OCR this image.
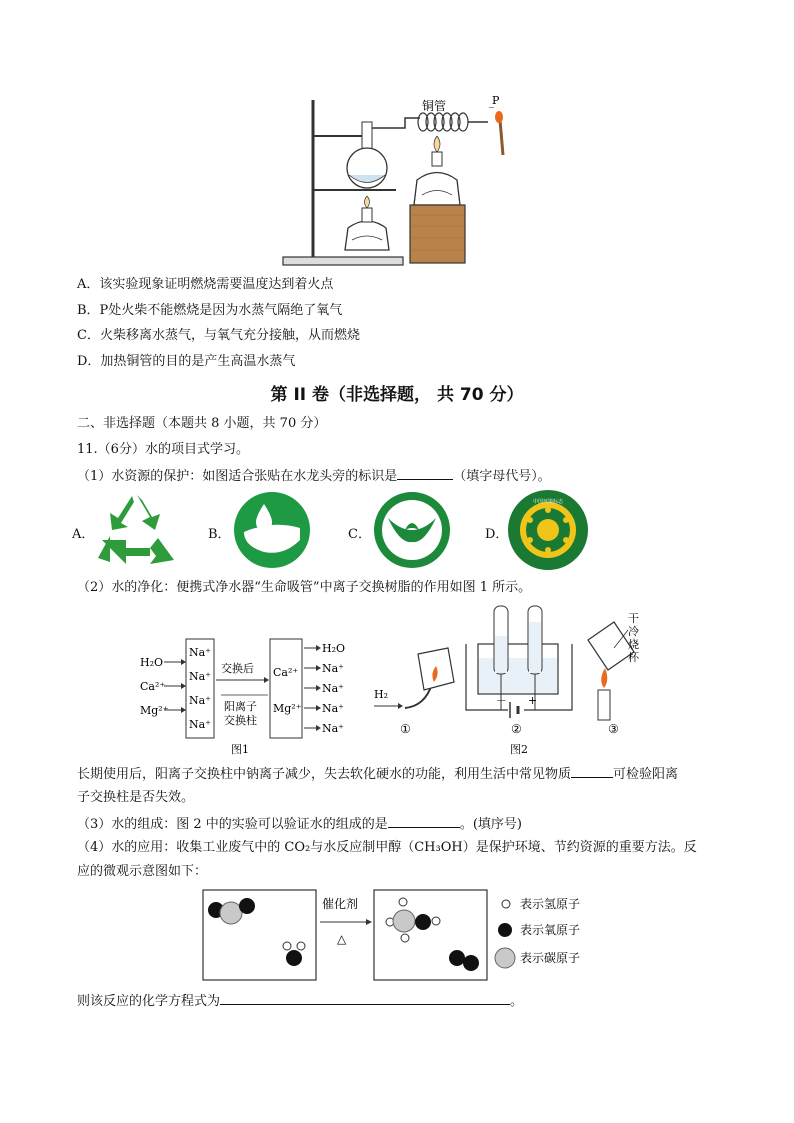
~
铜管	P
A．该实验现象证明燃烧需要温度达到着火点
B．P处火柴不能燃烧是因为水蒸气隔绝了氧气
C．火柴移离水蒸气，与氧气充分接触，从而燃烧
D．加热铜管的目的是产生高温水蒸气
第 II 卷（非选择题， 共 70 分）
二、非选择题（本题共 8 小题，共 70 分）
11.（6分）水的项目式学习。
（1）水资源的保护：如图适合张贴在水龙头旁的标识是	（填字母代号）。
A．	B．	C．	D．
中国环境标志
（2）水的净化：便携式净水器“生命吸管”中离子交换树脂的作用如图 1 所示。
H₂O
Ca²⁺
Mg²⁺
Na⁺
Na⁺
Na⁺
Na⁺
交换后
阳离子
交换柱
Ca²⁺
Mg²⁺
H₂O
Na⁺
Na⁺
Na⁺
Na⁺
图1
H₂
①
－ +
②
图2
干冷烧杯
③
长期使用后，阳离子交换柱中钠离子减少，失去软化硬水的功能，利用生活中常见物质	可检验阳离
子交换柱是否失效。
（3）水的组成：图 2 中的实验可以验证水的组成的是	。(填序号)
（4）水的应用：收集工业废气中的 CO₂与水反应制甲醇（CH₃OH）是保护环境、节约资源的重要方法。反
应的微观示意图如下：
催化剂
△
表示氢原子
表示氧原子
表示碳原子
则该反应的化学方程式为	。
